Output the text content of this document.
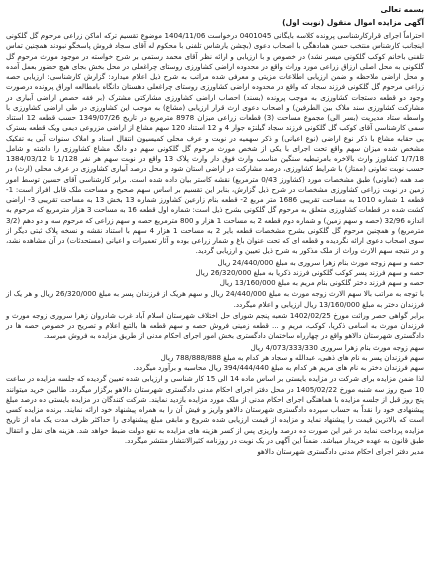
بسمه تعالی
آگهی مزایده اموال منقول (نوبت اول)

احتراماً اجرای قرارکارشناسی پرونده کلاسه بایگانی 0401045 درخواست 1404/11/06 موضوع تقسیم ترکه اماکن زراعی مرحوم گل گلکونی اینجانب کارشناس منتخب حسن همادهگی با اصحاب دعوی (بچشن یارشاس تلفنی با محکوم له آقای سجاد فروش پاسخگو نبودند همچنین تماس تلفنی باخانم کوکب گلکونی میسر نشد) در خصوص و با ارزیابی و ارائه نظر آقای محمد رستمی بر شرح خواسته در موجود مورث مرحوم گل گلکونی به محل اصلی ارزاق زراعی مورد وراث واقع در محدوده اراضی کشاورزی روستای چراغعلی در محل بخش بجای هیچ حضور بعمل آمده و محل اراضی ملاحظه و ضمن ارزیابی اطلاعات مزیتی و معرفی شده مراتب به شرح ذیل اعلام میدارد: گزارش کارشناسی: ارزیابی حصه زراعی مرحوم گل گلکونی فرزند سجاد که واقع در محدوده اراضی کشاورزی روستای چراغعلی دهستان دانگاه بامطالعه اوراق پرونده درصورت وجود دو قطعه دستجات کشاورزی به موجب پرونده (بسند) احصاب اراضی کشاورزی مشارکتی مشترک (بر فقه حصص اراضی آبیاری در مشارکت کشاورزی سند ملاک بین الطرفین) و اصحاب دعوی ارث قرار ارزیابی (مشاع) به موجب این کشاورزی در طی اراضی کشاورزی با واسطه ستاد مدیریت (بسر الی) مجموع مساحت (3) قطعات زراعی میزان 8978 مترمربع در تاریخ 1349/07/26 حسب قطعه 12 استناد سمی کارشناسی آقای کوکب گل گلکونی فرزند سجاد گیلنژه جوار 4 و 12 استناد 120 سهم مشاع از اراضی مزروعی دیمی ویک قطعه بسترک بی حقابه مشاع با ذکر نوع اراضی (نوع اعیانی) و ذکر سهمیه در نوبت و عرف محلی کمیسیون انتقال اسناد و املاک سنوات آبی به تفکیک مشخص شده میزان سهم واقع تحت اجرای با یکی از شخص مورث مرحوم گل گلکونی سهم دو دانگ مشاع کشاورزی را داشته و شامل 1/7/18 کشاورز وارث بالاخره بامرتبطیه سنگین مناسب وارث فوق دار وارث پلاک 13 واقع در نوبت سهم هر نفر 1/128 تا 1384/03/12 حسب نوبت تعاونی (ممتاز) با شرایط کشاورزی، درصد مشارکت در اراضی استان شود و محل درصد آبیاری کشاورزی در عرف محلی (ارث) در صد همه (تعاونی) طبق مشخصات مورد (کشاورز 0/43 مترمربع) نقشه کاستر بیان داده شده است. برابر کارشناسی آقای حسین توسط امور زمین در نوبت زراعی کشاورزی مشخصات در شرح ذیل گزارش، بنابر این تقسیم بر اساس سهم صحیح و مساحت ملک قابل افراز است: 1- قطعه 1 شماره 1010 به مساحت تقریبی 1686 متر مربع 2- قطعه بنام زارعین کشاورز شماره 13 بخش 13 به مساحت تقریبی 3- اراضی کشت شده در قطعات کشاورزی متعلق به مرحوم گل گلکونی بشرح ذیل است: شماره اول قطعه 16 به مساحت 3 هزار مترمربع که مرحوم به اندازه 32/96 (حصه و سهم زمین) و شماره دوم قطعه 2 به مساحت 1 هزار و 800 مترمربع حصه و سهم زراعی که مرحوم سه و دو دهم (3/2 مترمربع) و همچنین مرحوم گل گلکونی بشرح مشخصات قطعه بایر 2 به مساحت 1 هزار 4 سهم با استناد نقشه و نسخه پلاک ثبتی دیگر از سوی اصحاب دعوی ارائه نگردیده و قطعه ای که تحت عنوان باغ و شمار زراعی بوده و آثار تعمیرات و اعیانی (مستحدثات) در آن مشاهده نشد، و در نتیجه سهم الارث وراث از ملک مذکور به شرح ذیل تعیین و ارزیابی گردید.

حصه و سهم زوجه مورث بنام زهرا سروری به مبلغ 24/440/000 ریال

حصه و سهم فرزند پسر کوکب گلکونی فرزند ذکریا به مبلغ 26/320/000 ریال

حصه و سهم فرزند دختر گلکونی بنام مریم به مبلغ 13/160/000 ریال

با توجه به مراتب بالا سهم الارث زوجه مورث به مبلغ 24/440/000 ریال و سهم هریک از فرزندان پسر به مبلغ 26/320/000 ریال و هر یک از فرزندان دختر به مبلغ 13/160/000 ریال ارزیابی و اعلام میگردد.

برابر گواهی حصر وراثت مورخ 1402/02/25 شعبه پنجم شورای حل اختلاف شهرستان اسلام آباد غرب شادروان زهرا سروری زوجه مورث و فرزندان مورث به اسامی ذکریا، کوکب، مریم و ... قطعه زمینی فروش حصه و سهم قطعه ها بالتبع اعلام و تصریح در خصوص حصه ها در دادگستری شهرستان دالاهو واقع در چهارراه ساختمان دادگستری بخش امور اجرای احکام مدنی از طریق مزایده به فروش میرسد.

سهم زوجه مورث بنام زهرا سروری 4/073/333/330 ریال

سهم فرزندان پسر به نام های ذهبی، عبدالله و سجاد هر کدام به مبلغ 788/888/888 ریال

سهم فرزندان دختر به نام های مریم هر کدام به مبلغ 394/444/440 ریال محاسبه و برآورد میگردد.

لذا ضمن مزایده برای شرکت در مزایده بایستی بر اساس ماده 14 الی 15 کار شناسی و ارزیابی شده تعیین گردیده که جلسه مزایده در ساعت 10 صبح روز سه شنبه مورخ 1405/02/22 در محل دفتر اجرای احکام مدنی دادگستری شهرستان دالاهو برگزار میگردد. طالبین خرید میتوانند پنج روز قبل از جلسه مزایده با هماهنگی اجرای احکام مدنی از ملک مورد مزایده بازدید نمایند. شرکت کنندگان در مزایده بایستی ده درصد مبلغ پیشنهادی خود را نقداً به حساب سپرده دادگستری شهرستان دالاهو واریز و فیش آن را به همراه پیشنهاد خود ارائه نمایند. برنده مزایده کسی است که بالاترین قیمت را پیشنهاد نماید و مزایده از قیمت ارزیابی شده شروع و مابقی مبلغ پیشنهادی را حداکثر ظرف مدت یک ماه از تاریخ مزایده پرداخت نماید در غیر این صورت ده درصد واریزی پس از کسر هزینه های مزایده به نفع دولت ضبط خواهد شد. هزینه های نقل و انتقال طبق قانون به عهده خریدار میباشد. ضمناً این آگهی در یک نوبت در روزنامه کثیرالانتشار منتشر میگردد.

مدیر دفتر اجرای احکام مدنی دادگستری شهرستان دالاهو
